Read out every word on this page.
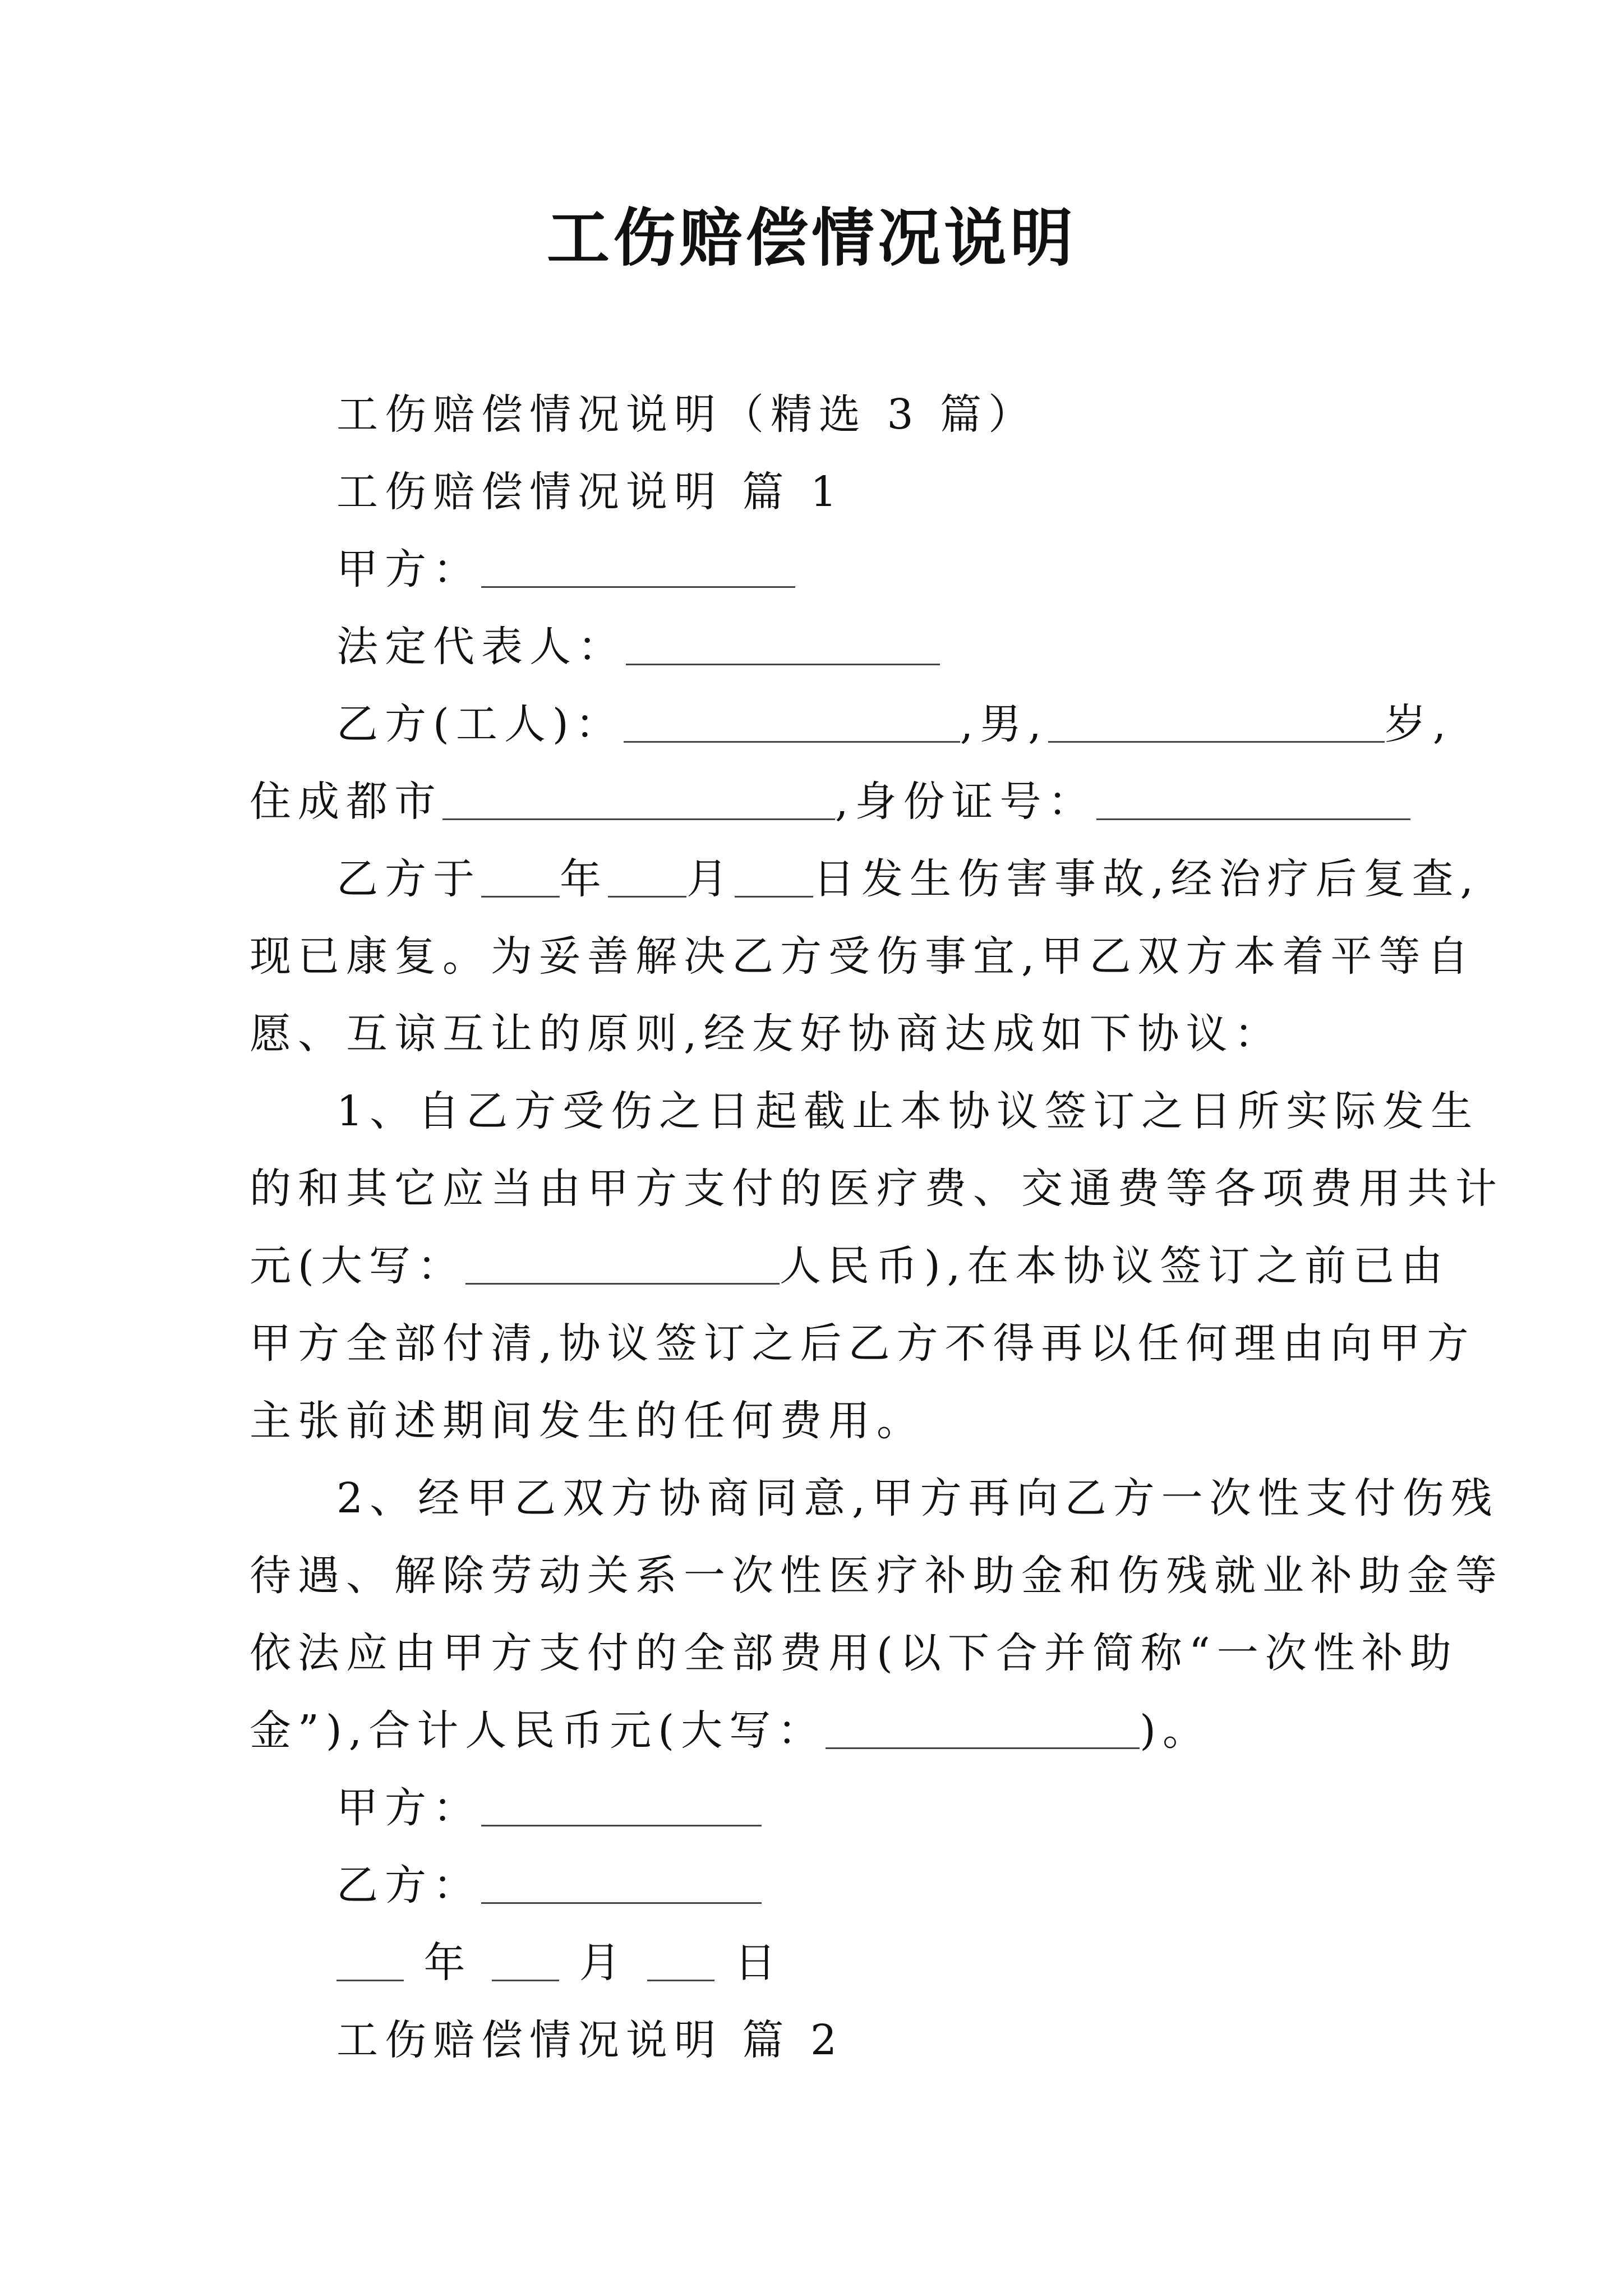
工伤赔偿情况说明
工伤赔偿情况说明（精选 3 篇）
工伤赔偿情况说明 篇 1
甲方：
法定代表人：
乙方(工人)：	,男,	岁,
住成都市	,身份证号：
乙方于 年 月 日发生伤害事故,经治疗后复查,
现已康复。为妥善解决乙方受伤事宜,甲乙双方本着平等自
愿、互谅互让的原则,经友好协商达成如下协议：
1、自乙方受伤之日起截止本协议签订之日所实际发生
的和其它应当由甲方支付的医疗费、交通费等各项费用共计
元(大写：	人民币),在本协议签订之前已由
甲方全部付清,协议签订之后乙方不得再以任何理由向甲方
主张前述期间发生的任何费用。
2、经甲乙双方协商同意,甲方再向乙方一次性支付伤残
待遇、解除劳动关系一次性医疗补助金和伤残就业补助金等
依法应由甲方支付的全部费用(以下合并简称“一次性补助
金”),合计人民币元(大写：	)。
甲方：
乙方：
年	月	日
工伤赔偿情况说明 篇 2
